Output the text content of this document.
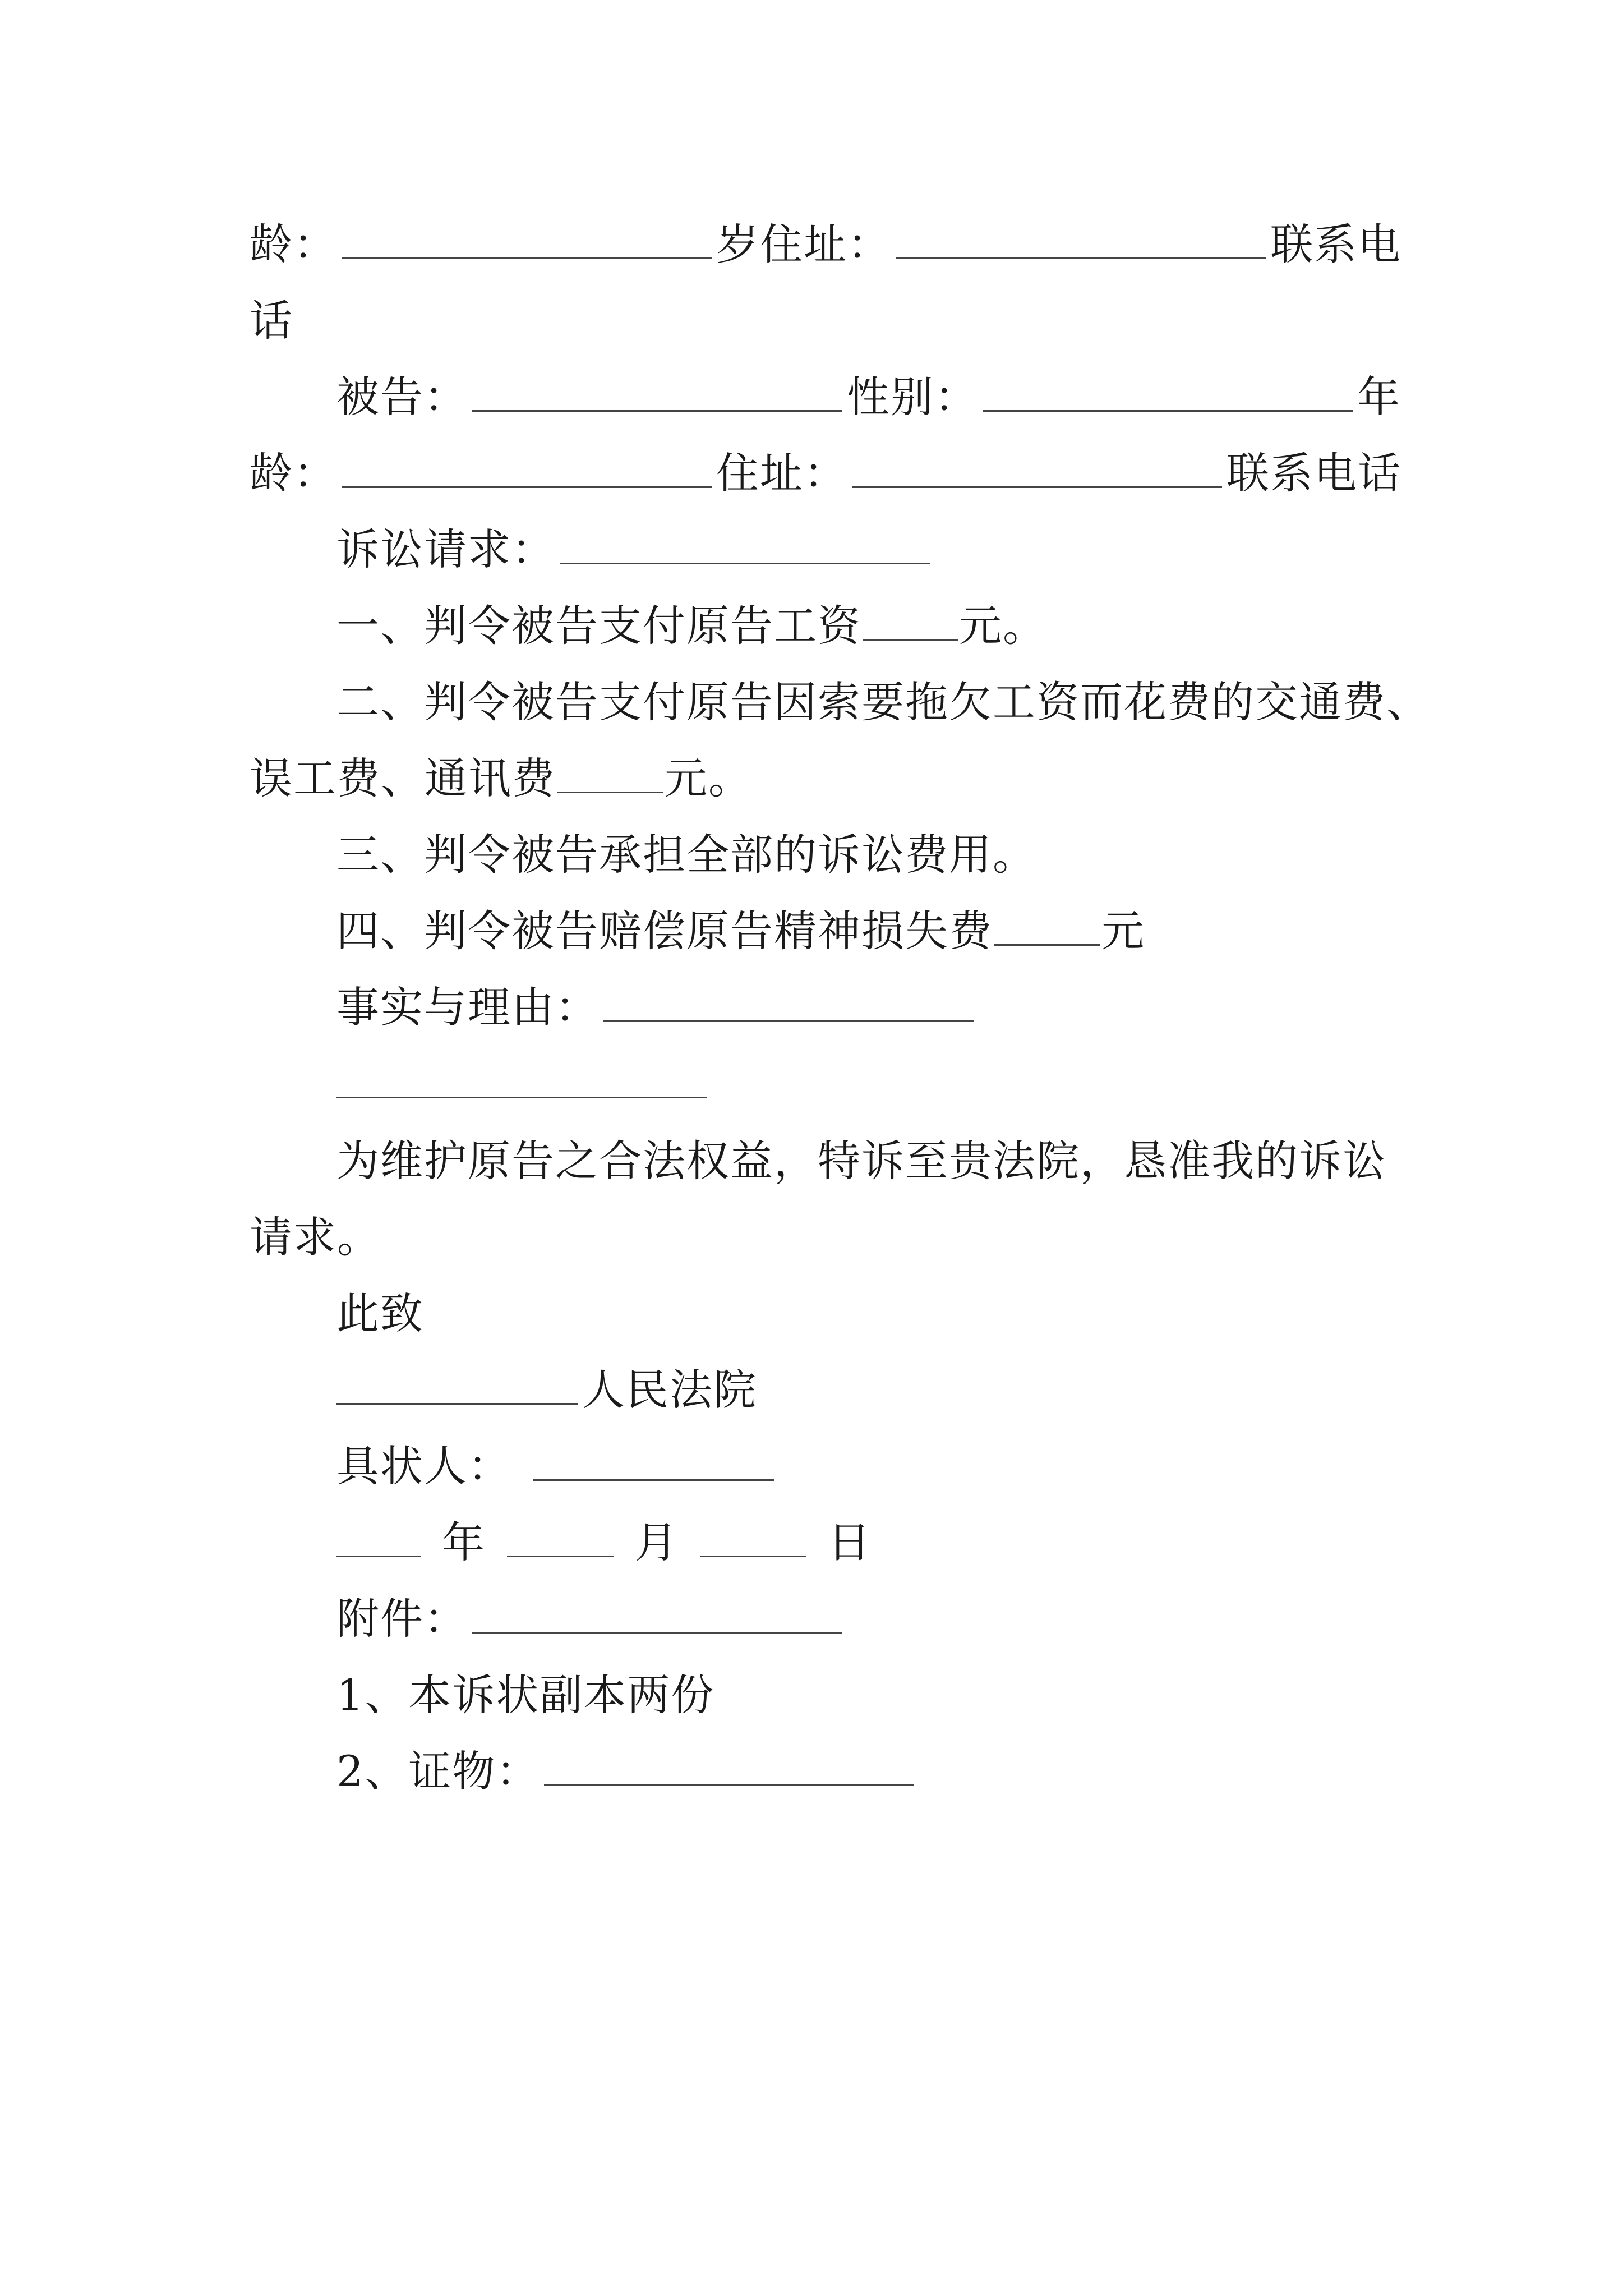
龄：	岁住址：	联系电
话
被告：	性别：	年
龄：	住址：	联系电话
诉讼请求：
一、判令被告支付原告工资 元。
二、判令被告支付原告因索要拖欠工资而花费的交通费、
误工费、通讯费	元。
三、判令被告承担全部的诉讼费用。
四、判令被告赔偿原告精神损失费	元
事实与理由：
为维护原告之合法权益，特诉至贵法院，恳准我的诉讼
请求。
此致
人民法院
具状人：
年	月	日
附件：
1、本诉状副本两份
2、证物：
